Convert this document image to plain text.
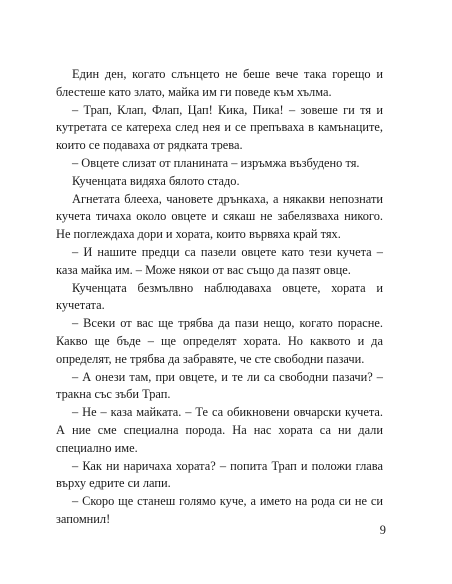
Един ден, когато слънцето не беше вече така горещо и блестеше като злато, майка им ги поведе към хълма.

– Трап, Клап, Флап, Цап! Кика, Пика! – зовеше ги тя и кутретата се катереха след нея и се препъваха в камънаците, които се подаваха от рядката трева.

– Овцете слизат от планината – изръмжа възбудено тя.

Кученцата видяха бялото стадо.

Агнетата блееха, чановете дрънкаха, а някакви непознати кучета тичаха около овцете и сякаш не забелязваха никого. Не поглеждаха дори и хората, които вървяха край тях.

– И нашите предци са пазели овцете като тези кучета – каза майка им. – Може някои от вас също да пазят овце.

Кученцата безмълвно наблюдаваха овцете, хората и кучетата.

– Всеки от вас ще трябва да пази нещо, когато порасне. Какво ще бъде – ще определят хората. Но каквото и да определят, не трябва да забравяте, че сте свободни пазачи.

– А онези там, при овцете, и те ли са свободни пазачи? – тракна със зъби Трап.

– Не – каза майката. – Те са обикновени овчарски кучета. А ние сме специална порода. На нас хората са ни дали специално име.

– Как ни наричаха хората? – попита Трап и положи глава върху едрите си лапи.

– Скоро ще станеш голямо куче, а името на рода си не си запомнил!

9
